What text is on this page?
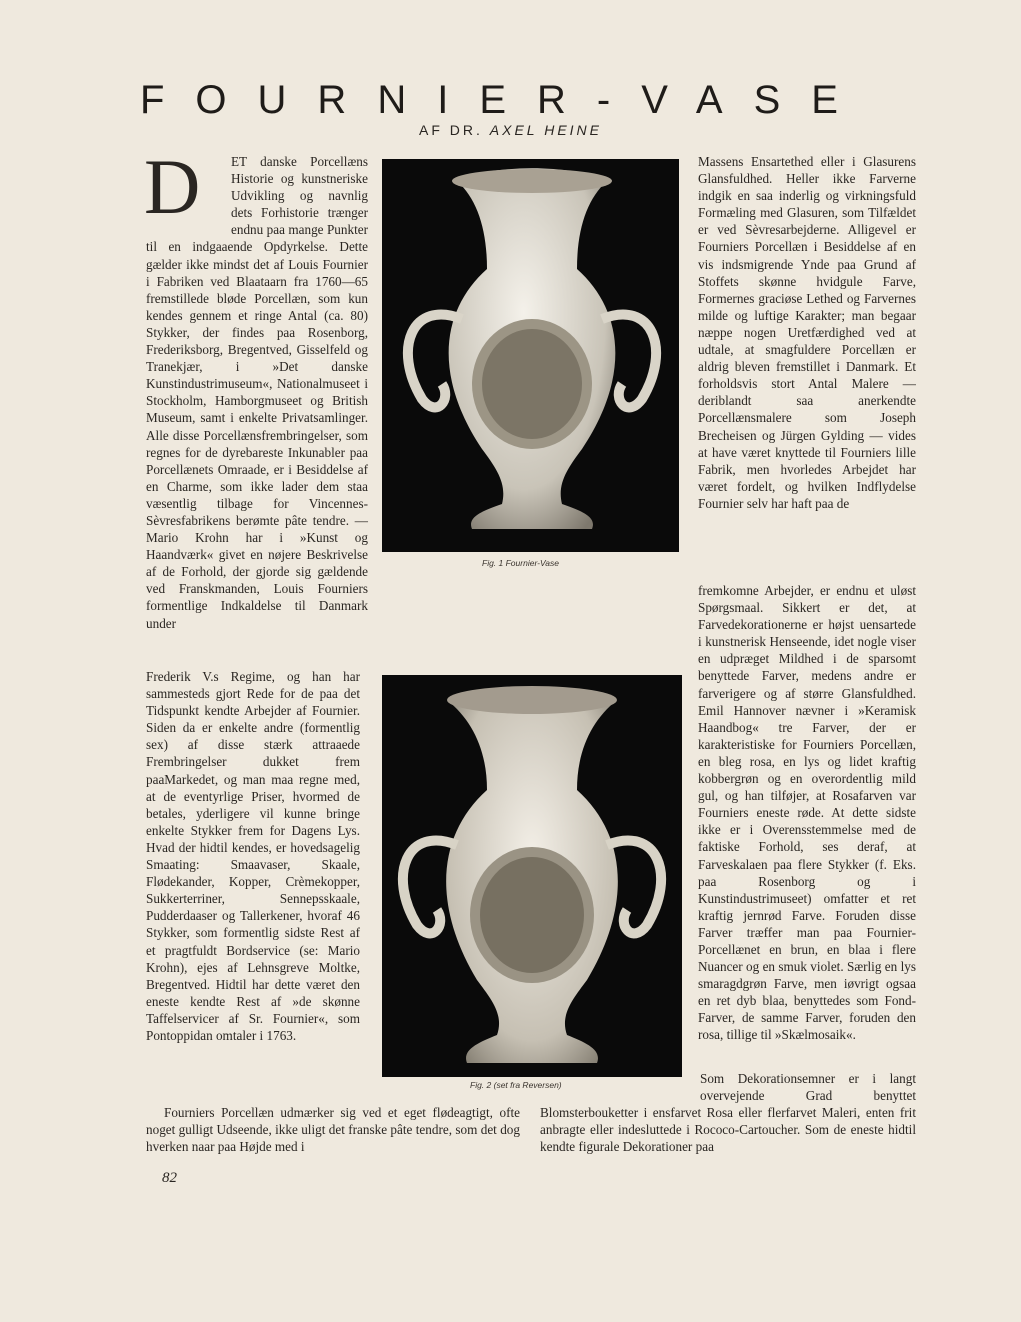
FOURNIER-VASE
AF DR. AXEL HEINE
D	ET danske Porcellæns Historie og kunstneriske Udvikling og navnlig dets Forhistorie trænger endnu paa mange Punkter til en indgaaende Opdyrkelse. Dette gælder ikke mindst det af Louis Fournier i Fabriken ved Blaataarn fra 1760—65 fremstillede bløde Porcellæn, som kun kendes gennem et ringe Antal (ca. 80) Stykker, der findes paa Rosenborg, Frederiksborg, Bregentved, Gisselfeld og Tranekjær, i »Det danske Kunstindustrimuseum«, Nationalmuseet i Stockholm, Hamborgmuseet og British Museum, samt i enkelte Privatsamlinger. Alle disse Porcellænsfrembringelser, som regnes for de dyrebareste Inkunabler paa Porcellænets Omraade, er i Besiddelse af en Charme, som ikke lader dem staa væsentlig tilbage for Vincennes-Sèvresfabrikens berømte pâte tendre. — Mario Krohn har i »Kunst og Haandværk« givet en nøjere Beskrivelse af de Forhold, der gjorde sig gældende ved Franskmanden, Louis Fourniers formentlige Indkaldelse til Danmark under
Fig. 1 Fournier-Vase
Massens Ensartethed eller i Glasurens Glansfuldhed. Heller ikke Farverne indgik en saa inderlig og virkningsfuld Formæling med Glasuren, som Tilfældet er ved Sèvresarbejderne. Alligevel er Fourniers Porcellæn i Besiddelse af en vis indsmigrende Ynde paa Grund af Stoffets skønne hvidgule Farve, Formernes graciøse Lethed og Farvernes milde og luftige Karakter; man begaar næppe nogen Uretfærdighed ved at udtale, at smagfuldere Porcellæn er aldrig bleven fremstillet i Danmark. Et forholdsvis stort Antal Malere — deriblandt saa anerkendte Porcellænsmalere som Joseph Brecheisen og Jürgen Gylding — vides at have været knyttede til Fourniers lille Fabrik, men hvorledes Arbejdet har været fordelt, og hvilken Indflydelse Fournier selv har haft paa de
fremkomne Arbejder, er endnu et uløst Spørgsmaal. Sikkert er det, at Farvedekorationerne er højst uensartede i kunstnerisk Henseende, idet nogle viser en udpræget Mildhed i de sparsomt benyttede Farver, medens andre er farverigere og af større Glansfuldhed. Emil Hannover nævner i »Keramisk Haandbog« tre Farver, der er karakteristiske for Fourniers Porcellæn, en bleg rosa, en lys og lidet kraftig kobbergrøn og en overordentlig mild gul, og han tilføjer, at Rosafarven var Fourniers eneste røde. At dette sidste ikke er i Overensstemmelse med de faktiske Forhold, ses deraf, at Farveskalaen paa flere Stykker (f. Eks. paa Rosenborg og i Kunstindustrimuseet) omfatter et ret kraftig jernrød Farve. Foruden disse Farver træffer man paa Fournier-Porcellænet en brun, en blaa i flere Nuancer og en smuk violet. Særlig en lys smaragdgrøn Farve, men iøvrigt ogsaa en ret dyb blaa, benyttedes som Fond-Farver, de samme Farver, foruden den rosa, tillige til »Skælmosaik«.
Frederik V.s Regime, og han har sammesteds gjort Rede for de paa det Tidspunkt kendte Arbejder af Fournier. Siden da er enkelte andre (formentlig sex) af disse stærk attraaede Frembringelser dukket frem paaMarkedet, og man maa regne med, at de eventyrlige Priser, hvormed de betales, yderligere vil kunne bringe enkelte Stykker frem for Dagens Lys. Hvad der hidtil kendes, er hovedsagelig Smaating: Smaavaser, Skaale, Flødekander, Kopper, Crèmekopper, Sukkerterriner, Sennepsskaale, Pudderdaaser og Tallerkener, hvoraf 46 Stykker, som formentlig sidste Rest af et pragtfuldt Bordservice (se: Mario Krohn), ejes af Lehnsgreve Moltke, Bregentved. Hidtil har dette været den eneste kendte Rest af »de skønne Taffelservicer af Sr. Fournier«, som Pontoppidan omtaler i 1763.
Fig. 2 (set fra Reversen)
Fourniers Porcellæn udmærker sig ved et eget flødeagtigt, ofte noget gulligt Udseende, ikke uligt det franske pâte tendre, som det dog hverken naar paa Højde med i
Som Dekorationsemner er i langt overvejende Grad benyttet Blomsterbouketter i ensfarvet Rosa eller flerfarvet Maleri, enten frit anbragte eller indesluttede i Rococo-Cartoucher. Som de eneste hidtil kendte figurale Dekorationer paa
82
